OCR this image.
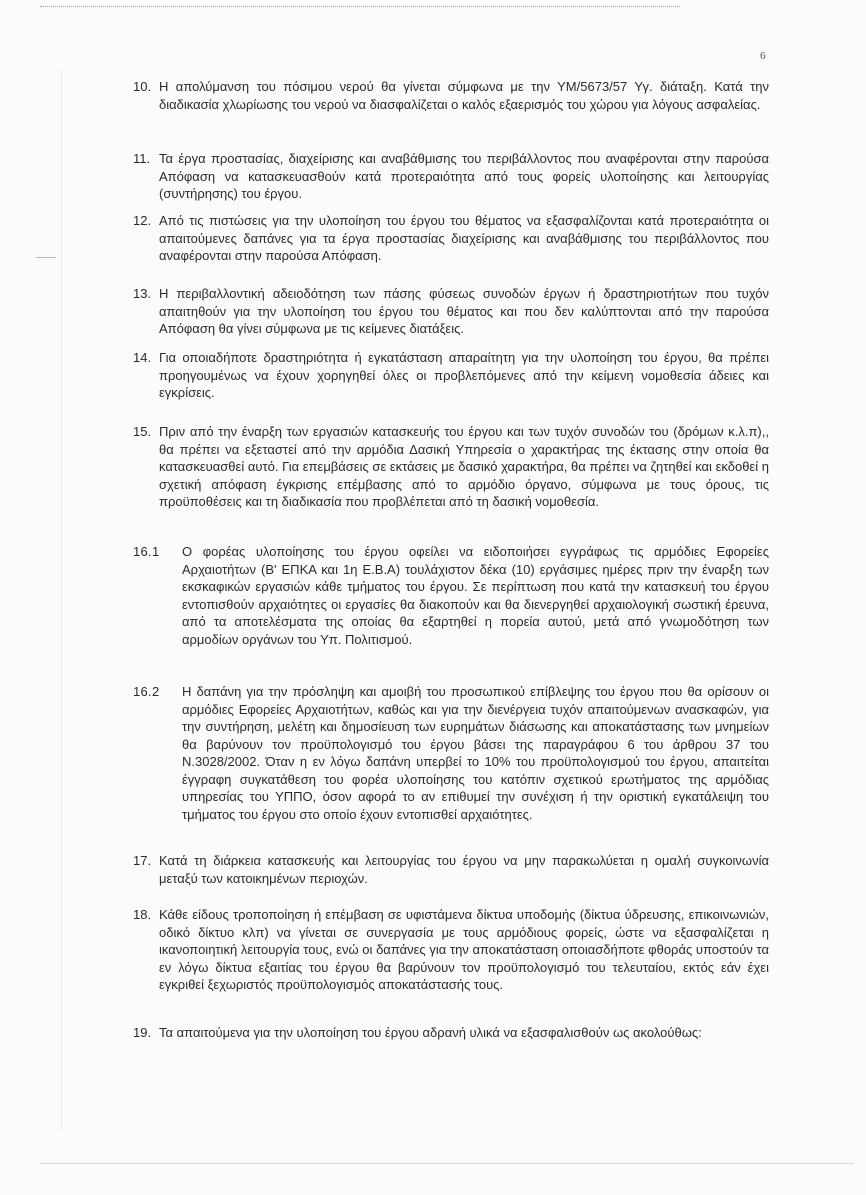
6
10. Η απολύμανση του πόσιμου νερού θα γίνεται σύμφωνα με την ΥΜ/5673/57 Υγ. διάταξη. Κατά την διαδικασία χλωρίωσης του νερού να διασφαλίζεται ο καλός εξαερισμός του χώρου για λόγους ασφαλείας.
11. Τα έργα προστασίας, διαχείρισης και αναβάθμισης του περιβάλλοντος που αναφέρονται στην παρούσα Απόφαση να κατασκευασθούν κατά προτεραιότητα από τους φορείς υλοποίησης και λειτουργίας (συντήρησης) του έργου.
12. Από τις πιστώσεις για την υλοποίηση του έργου του θέματος να εξασφαλίζονται κατά προτεραιότητα οι απαιτούμενες δαπάνες για τα έργα προστασίας διαχείρισης και αναβάθμισης του περιβάλλοντος που αναφέρονται στην παρούσα Απόφαση.
13. Η περιβαλλοντική αδειοδότηση των πάσης φύσεως συνοδών έργων ή δραστηριοτήτων που τυχόν απαιτηθούν για την υλοποίηση του έργου του θέματος και που δεν καλύπτονται από την παρούσα Απόφαση θα γίνει σύμφωνα με τις κείμενες διατάξεις.
14. Για οποιαδήποτε δραστηριότητα ή εγκατάσταση απαραίτητη για την υλοποίηση του έργου, θα πρέπει προηγουμένως να έχουν χορηγηθεί όλες οι προβλεπόμενες από την κείμενη νομοθεσία άδειες και εγκρίσεις.
15. Πριν από την έναρξη των εργασιών κατασκευής του έργου και των τυχόν συνοδών του (δρόμων κ.λ.π),, θα πρέπει να εξεταστεί από την αρμόδια Δασική Υπηρεσία ο χαρακτήρας της έκτασης στην οποία θα κατασκευασθεί αυτό. Για επεμβάσεις σε εκτάσεις με δασικό χαρακτήρα, θα πρέπει να ζητηθεί και εκδοθεί η σχετική απόφαση έγκρισης επέμβασης από το αρμόδιο όργανο, σύμφωνα με τους όρους, τις προϋποθέσεις και τη διαδικασία που προβλέπεται από τη δασική νομοθεσία.
16.1 Ο φορέας υλοποίησης του έργου οφείλει να ειδοποιήσει εγγράφως τις αρμόδιες Εφορείες Αρχαιοτήτων (Β' ΕΠΚΑ και 1η Ε.Β.Α) τουλάχιστον δέκα (10) εργάσιμες ημέρες πριν την έναρξη των εκσκαφικών εργασιών κάθε τμήματος του έργου. Σε περίπτωση που κατά την κατασκευή του έργου εντοπισθούν αρχαιότητες οι εργασίες θα διακοπούν και θα διενεργηθεί αρχαιολογική σωστική έρευνα, από τα αποτελέσματα της οποίας θα εξαρτηθεί η πορεία αυτού, μετά από γνωμοδότηση των αρμοδίων οργάνων του Υπ. Πολιτισμού.
16.2 Η δαπάνη για την πρόσληψη και αμοιβή του προσωπικού επίβλεψης του έργου που θα ορίσουν οι αρμόδιες Εφορείες Αρχαιοτήτων, καθώς και για την διενέργεια τυχόν απαιτούμενων ανασκαφών, για την συντήρηση, μελέτη και δημοσίευση των ευρημάτων διάσωσης και αποκατάστασης των μνημείων θα βαρύνουν τον προϋπολογισμό του έργου βάσει της παραγράφου 6 του άρθρου 37 του Ν.3028/2002. Όταν η εν λόγω δαπάνη υπερβεί το 10% του προϋπολογισμού του έργου, απαιτείται έγγραφη συγκατάθεση του φορέα υλοποίησης του κατόπιν σχετικού ερωτήματος της αρμόδιας υπηρεσίας του ΥΠΠΟ, όσον αφορά το αν επιθυμεί την συνέχιση ή την οριστική εγκατάλειψη του τμήματος του έργου στο οποίο έχουν εντοπισθεί αρχαιότητες.
17. Κατά τη διάρκεια κατασκευής και λειτουργίας του έργου να μην παρακωλύεται η ομαλή συγκοινωνία μεταξύ των κατοικημένων περιοχών.
18. Κάθε είδους τροποποίηση ή επέμβαση σε υφιστάμενα δίκτυα υποδομής (δίκτυα ύδρευσης, επικοινωνιών, οδικό δίκτυο κλπ) να γίνεται σε συνεργασία με τους αρμόδιους φορείς, ώστε να εξασφαλίζεται η ικανοποιητική λειτουργία τους, ενώ οι δαπάνες για την αποκατάσταση οποιασδήποτε φθοράς υποστούν τα εν λόγω δίκτυα εξαιτίας του έργου θα βαρύνουν τον προϋπολογισμό του τελευταίου, εκτός εάν έχει εγκριθεί ξεχωριστός προϋπολογισμός αποκατάστασής τους.
19. Τα απαιτούμενα για την υλοποίηση του έργου αδρανή υλικά να εξασφαλισθούν ως ακολούθως:
